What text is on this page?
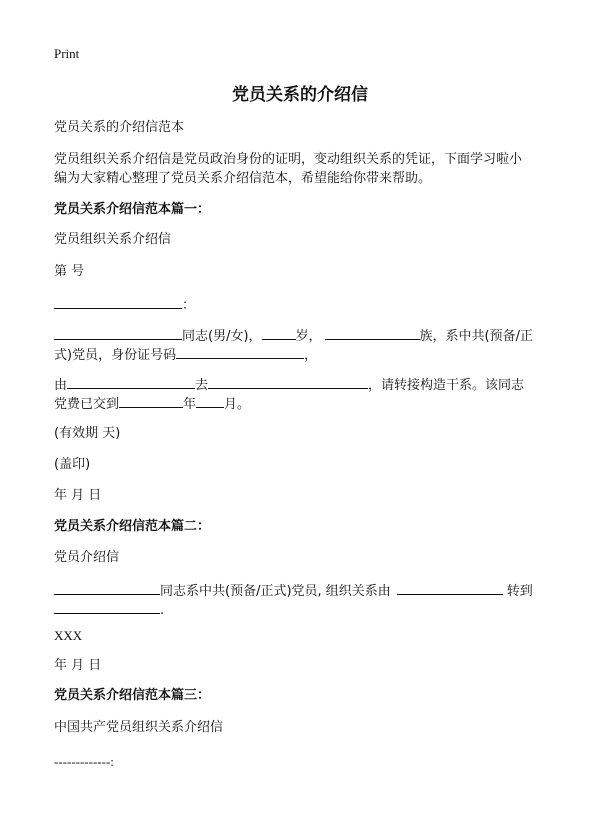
Print
党员关系的介绍信
党员关系的介绍信范本
党员组织关系介绍信是党员政治身份的证明，变动组织关系的凭证，下面学习啦小
编为大家精心整理了党员关系介绍信范本，希望能给你带来帮助。
党员关系介绍信范本篇一：
党员组织关系介绍信
第 号
：
同志(男/女)，	岁，	族，系中共(预备/正
式)党员，身份证号码	，
由	去	，请转接构造干系。该同志
党费已交到	年 月。
(有效期 天)
(盖印)
年 月 日
党员关系介绍信范本篇二：
党员介绍信
同志系中共(预备/正式)党员, 组织关系由	转到
.
XXX
年 月 日
党员关系介绍信范本篇三：
中国共产党员组织关系介绍信
-------------:
